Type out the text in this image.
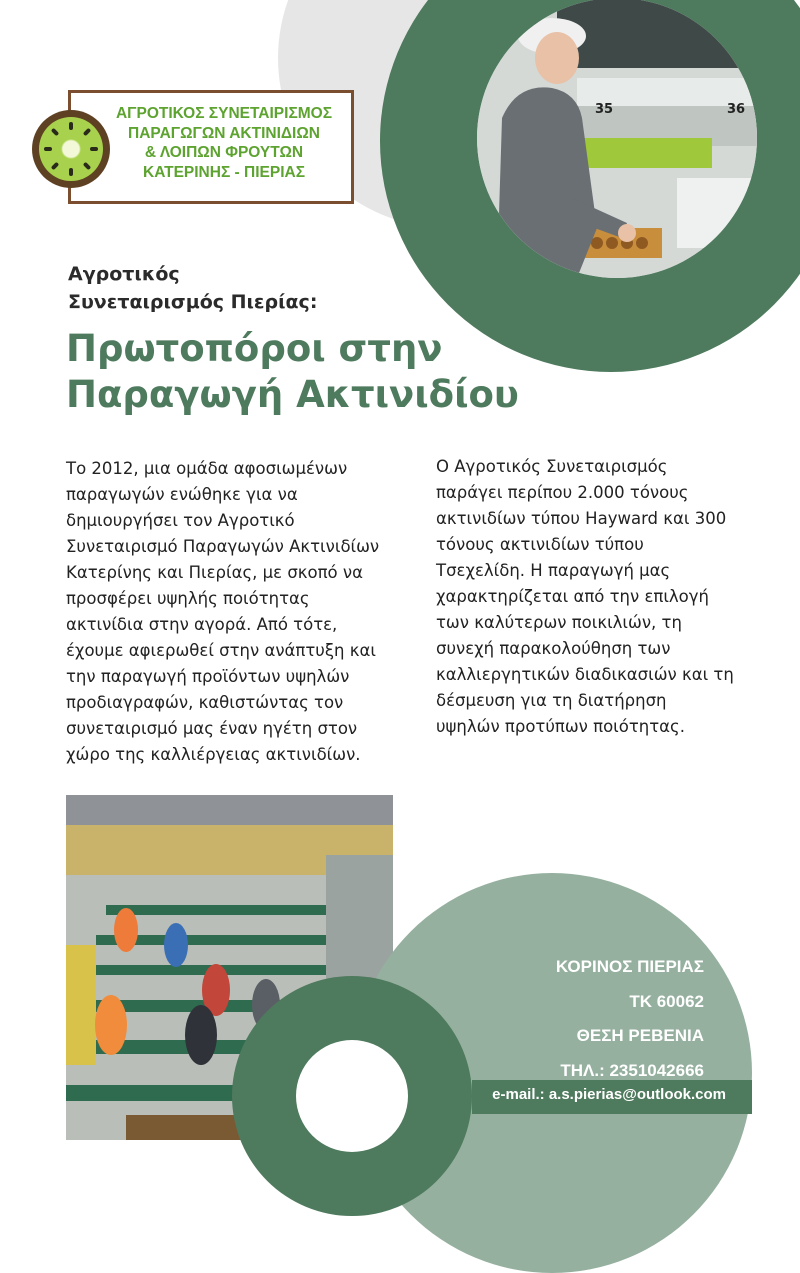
35	36
ΑΓΡΟΤΙΚΟΣ ΣΥΝΕΤΑΙΡΙΣΜΟΣ
ΠΑΡΑΓΩΓΩΝ ΑΚΤΙΝΙΔΙΩΝ
& ΛΟΙΠΩΝ ΦΡΟΥΤΩΝ
ΚΑΤΕΡΙΝΗΣ - ΠΙΕΡΙΑΣ
Αγροτικός
Συνεταιρισμός Πιερίας:
Πρωτοπόροι στην
Παραγωγή Ακτινιδίου
Το 2012, μια ομάδα αφοσιωμένων
παραγωγών ενώθηκε για να
δημιουργήσει τον Αγροτικό
Συνεταιρισμό Παραγωγών Ακτινιδίων
Κατερίνης και Πιερίας, με σκοπό να
προσφέρει υψηλής ποιότητας
ακτινίδια στην αγορά. Από τότε,
έχουμε αφιερωθεί στην ανάπτυξη και
την παραγωγή προϊόντων υψηλών
προδιαγραφών, καθιστώντας τον
συνεταιρισμό μας έναν ηγέτη στον
χώρο της καλλιέργειας ακτινιδίων.
Ο Αγροτικός Συνεταιρισμός
παράγει περίπου 2.000 τόνους
ακτινιδίων τύπου Hayward και 300
τόνους ακτινιδίων τύπου
Τσεχελίδη. Η παραγωγή μας
χαρακτηρίζεται από την επιλογή
των καλύτερων ποικιλιών, τη
συνεχή παρακολούθηση των
καλλιεργητικών διαδικασιών και τη
δέσμευση για τη διατήρηση
υψηλών προτύπων ποιότητας.
ΚΟΡΙΝΟΣ ΠΙΕΡΙΑΣ
ΤΚ 60062
ΘΕΣΗ ΡΕΒΕΝΙΑ
ΤΗΛ.: 2351042666
e-mail.: a.s.pierias@outlook.com
